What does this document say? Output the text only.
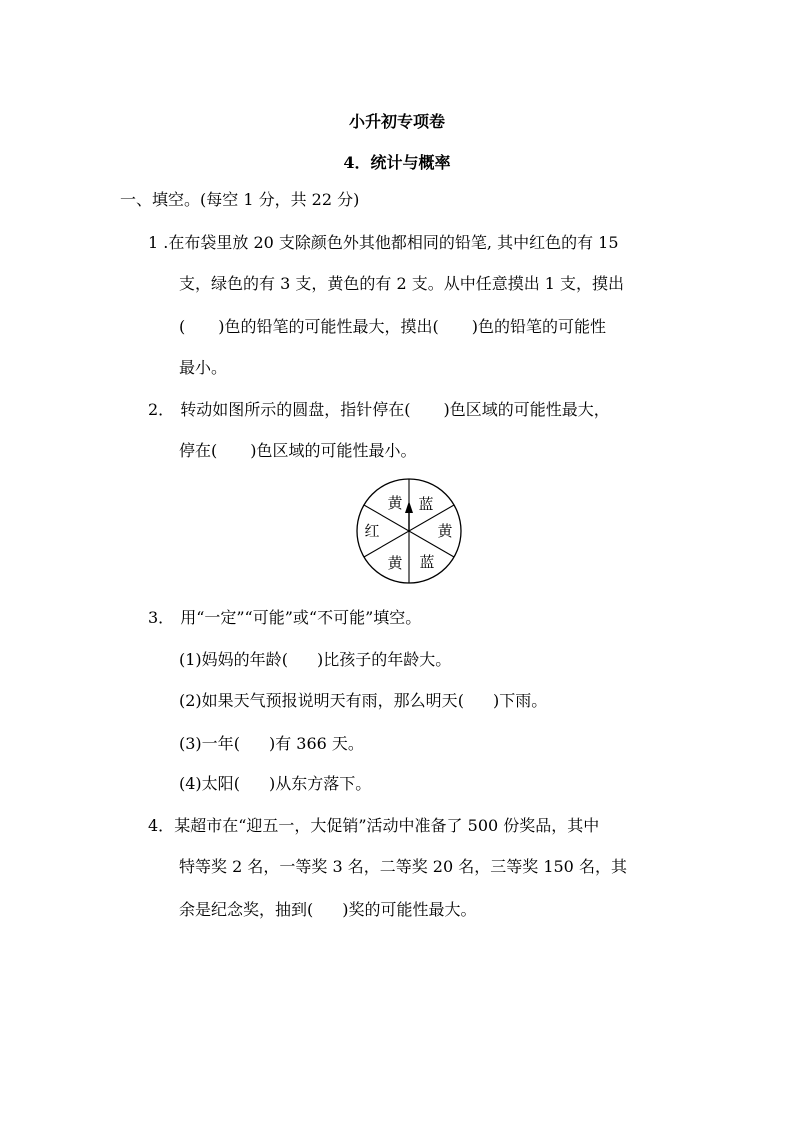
小升初专项卷
4．统计与概率
一、填空。(每空 1 分，共 22 分)
1 .在布袋里放 20 支除颜色外其他都相同的铅笔, 其中红色的有 15
支，绿色的有 3 支，黄色的有 2 支。从中任意摸出 1 支，摸出
( )色的铅笔的可能性最大，摸出( )色的铅笔的可能性
最小。
2． 转动如图所示的圆盘，指针停在( )色区域的可能性最大，
停在( )色区域的可能性最小。
蓝
黄
蓝
黄
红
黄
3． 用“一定”“可能”或“不可能”填空。
(1)妈妈的年龄( )比孩子的年龄大。
(2)如果天气预报说明天有雨，那么明天( )下雨。
(3)一年( )有 366 天。
(4)太阳( )从东方落下。
4．某超市在“迎五一，大促销”活动中准备了 500 份奖品，其中
特等奖 2 名，一等奖 3 名，二等奖 20 名，三等奖 150 名，其
余是纪念奖，抽到( )奖的可能性最大。
